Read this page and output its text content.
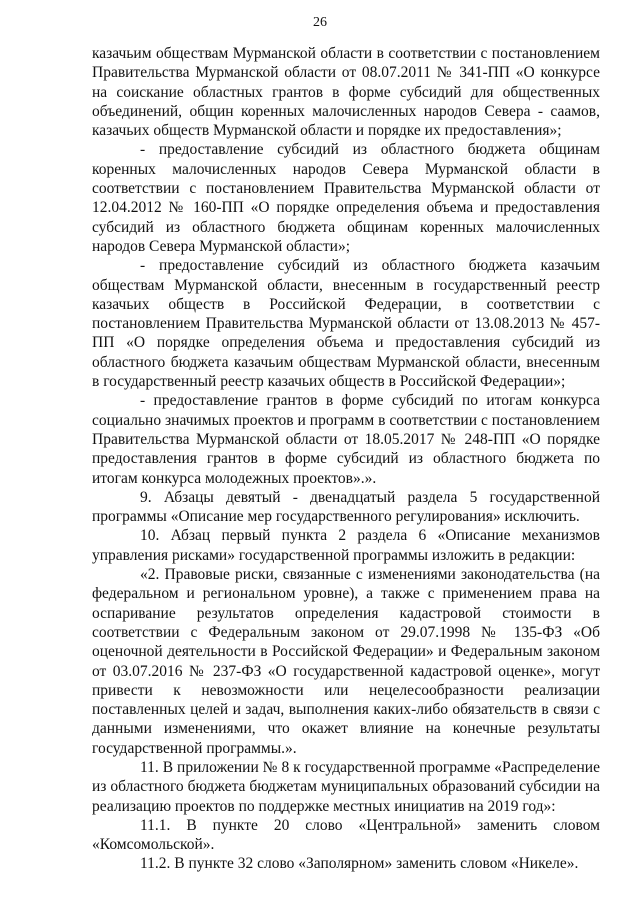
26

казачьим обществам Мурманской области в соответствии с постановлением Правительства Мурманской области от 08.07.2011 № 341-ПП «О конкурсе на соискание областных грантов в форме субсидий для общественных объединений, общин коренных малочисленных народов Севера - саамов, казачьих обществ Мурманской области и порядке их предоставления»;

- предоставление субсидий из областного бюджета общинам коренных малочисленных народов Севера Мурманской области в соответствии с постановлением Правительства Мурманской области от 12.04.2012 № 160-ПП «О порядке определения объема и предоставления субсидий из областного бюджета общинам коренных малочисленных народов Севера Мурманской области»;

- предоставление субсидий из областного бюджета казачьим обществам Мурманской области, внесенным в государственный реестр казачьих обществ в Российской Федерации, в соответствии с постановлением Правительства Мурманской области от 13.08.2013 № 457-ПП «О порядке определения объема и предоставления субсидий из областного бюджета казачьим обществам Мурманской области, внесенным в государственный реестр казачьих обществ в Российской Федерации»;

- предоставление грантов в форме субсидий по итогам конкурса социально значимых проектов и программ в соответствии с постановлением Правительства Мурманской области от 18.05.2017 № 248-ПП «О порядке предоставления грантов в форме субсидий из областного бюджета по итогам конкурса молодежных проектов».».

9. Абзацы девятый - двенадцатый раздела 5 государственной программы «Описание мер государственного регулирования» исключить.

10. Абзац первый пункта 2 раздела 6 «Описание механизмов управления рисками» государственной программы изложить в редакции:

«2. Правовые риски, связанные с изменениями законодательства (на федеральном и региональном уровне), а также с применением права на оспаривание результатов определения кадастровой стоимости в соответствии с Федеральным законом от 29.07.1998 № 135-ФЗ «Об оценочной деятельности в Российской Федерации» и Федеральным законом от 03.07.2016 № 237-ФЗ «О государственной кадастровой оценке», могут привести к невозможности или нецелесообразности реализации поставленных целей и задач, выполнения каких-либо обязательств в связи с данными изменениями, что окажет влияние на конечные результаты государственной программы.».

11. В приложении № 8 к государственной программе «Распределение из областного бюджета бюджетам муниципальных образований субсидии на реализацию проектов по поддержке местных инициатив на 2019 год»:

11.1. В пункте 20 слово «Центральной» заменить словом «Комсомольской».

11.2. В пункте 32 слово «Заполярном» заменить словом «Никеле».
